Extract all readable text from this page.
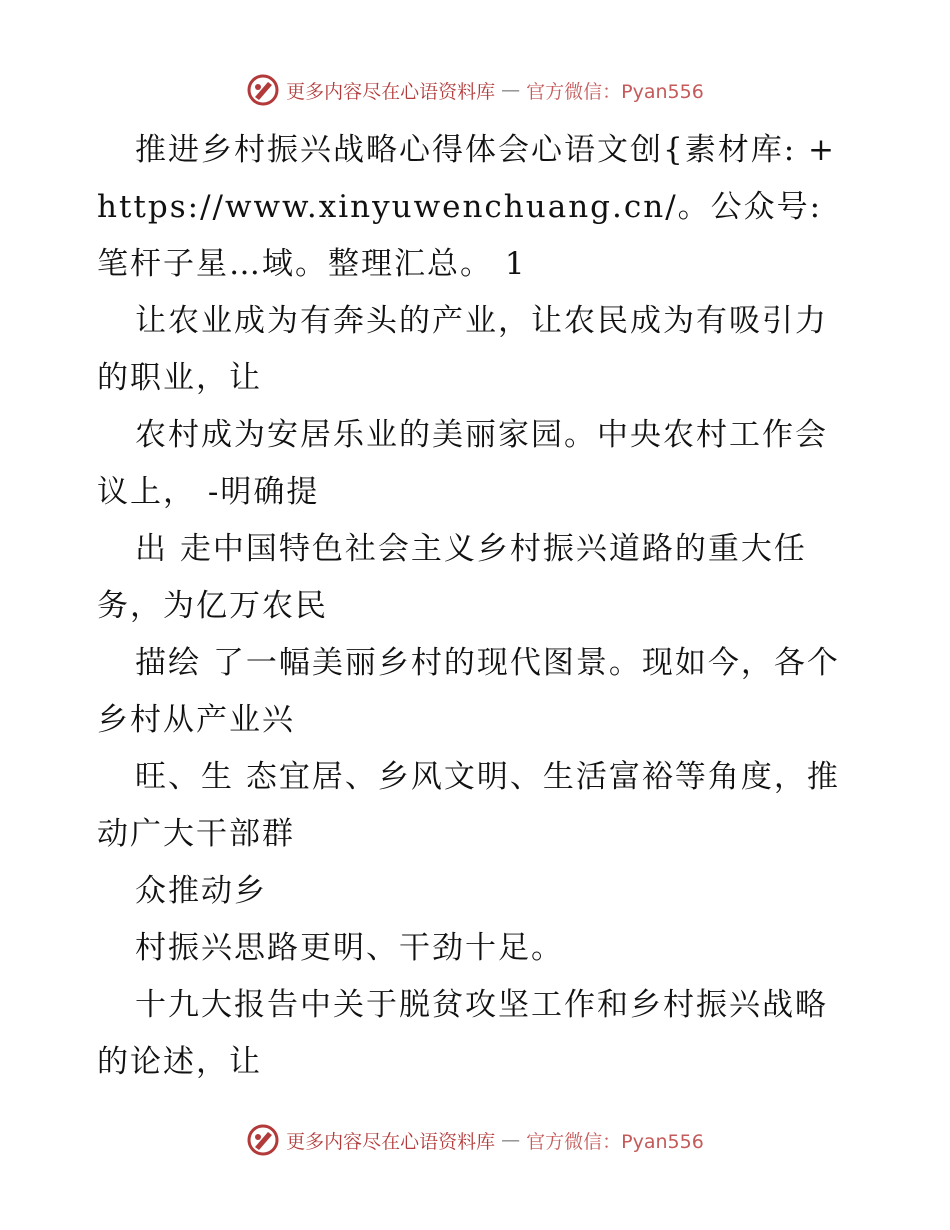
更多内容尽在心语资料库 — 官方微信：Pyan556

推进乡村振兴战略心得体会心语文创{素材库: +https://www.xinyuwenchuang.cn/。公众号: 笔杆子星…域。整理汇总。 1

让农业成为有奔头的产业，让农民成为有吸引力的职业，让

农村成为安居乐业的美丽家园。中央农村工作会议上， -明确提

出 走中国特色社会主义乡村振兴道路的重大任务，为亿万农民

描绘 了一幅美丽乡村的现代图景。现如今，各个乡村从产业兴

旺、生 态宜居、乡风文明、生活富裕等角度，推动广大干部群

众推动乡

村振兴思路更明、干劲十足。

十九大报告中关于脱贫攻坚工作和乡村振兴战略的论述，让

更多内容尽在心语资料库 — 官方微信：Pyan556
